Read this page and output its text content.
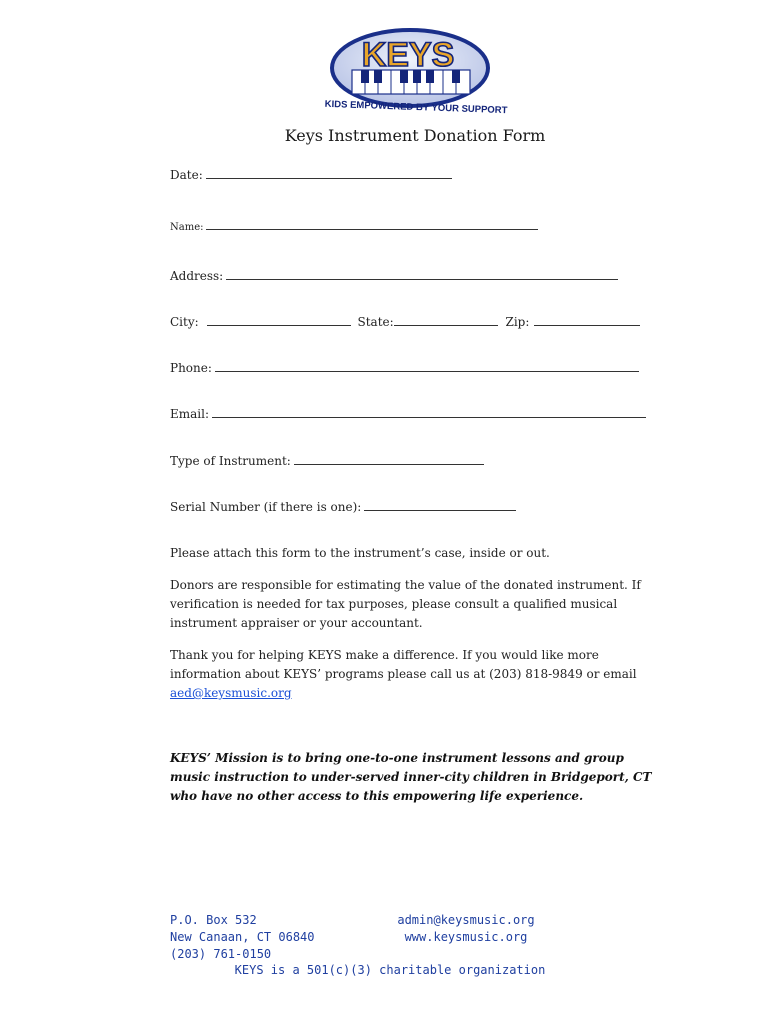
KEYS
KIDS EMPOWERED BY YOUR SUPPORT
Keys Instrument Donation Form
Date:
Name:
Address:
City:	State:	Zip:
Phone:
Email:
Type of Instrument:
Serial Number (if there is one):
Please attach this form to the instrument’s case, inside or out.
Donors are responsible for estimating the value of the donated instrument. If verification is needed for tax purposes, please consult a qualified musical instrument appraiser or your accountant.
Thank you for helping KEYS make a difference. If you would like more information about KEYS’ programs please call us at (203) 818-9849 or email
aed@keysmusic.org
KEYS’ Mission is to bring one-to-one instrument lessons and group music instruction to under-served inner-city children in Bridgeport, CT who have no other access to this empowering life experience.
P.O. Box 532
New Canaan, CT 06840
(203) 761-0150
admin@keysmusic.org
www.keysmusic.org
KEYS is a 501(c)(3) charitable organization
